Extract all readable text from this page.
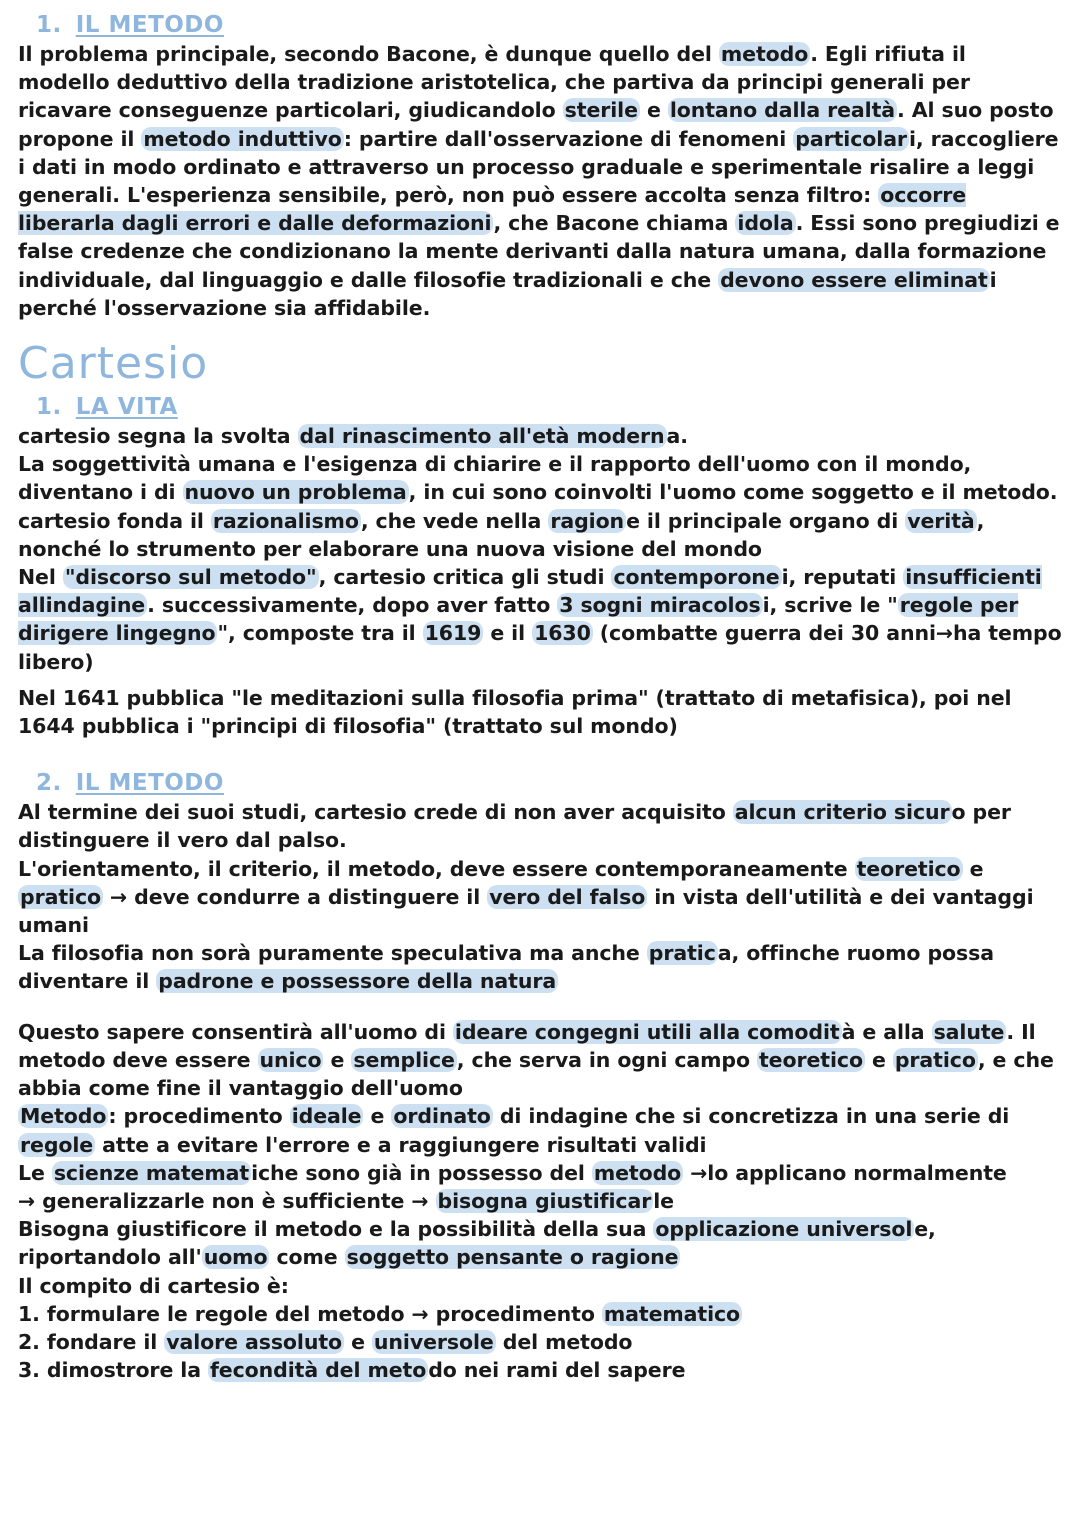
1. IL METODO

Il problema principale, secondo Bacone, è dunque quello del metodo. Egli rifiuta il modello deduttivo della tradizione aristotelica, che partiva da principi generali per ricavare conseguenze particolari, giudicandolo sterile e lontano dalla realtà. Al suo posto propone il metodo induttivo: partire dall'osservazione di fenomeni particolari, raccogliere i dati in modo ordinato e attraverso un processo graduale e sperimentale risalire a leggi generali. L'esperienza sensibile, però, non può essere accolta senza filtro: occorre liberarla dagli errori e dalle deformazioni, che Bacone chiama idola. Essi sono pregiudizi e false credenze che condizionano la mente derivanti dalla natura umana, dalla formazione individuale, dal linguaggio e dalle filosofie tradizionali e che devono essere eliminati perché l'osservazione sia affidabile.

Cartesio
1. LA VITA

cartesio segna la svolta dal rinascimento all'età moderna.

La soggettività umana e l'esigenza di chiarire e il rapporto dell'uomo con il mondo, diventano i di nuovo un problema, in cui sono coinvolti l'uomo come soggetto e il metodo. cartesio fonda il razionalismo, che vede nella ragione il principale organo di verità, nonché lo strumento per elaborare una nuova visione del mondo

Nel "discorso sul metodo", cartesio critica gli studi contemporonei, reputati insufficienti allindagine. successivamente, dopo aver fatto 3 sogni miracolosi, scrive le "regole per dirigere lingegno", composte tra il 1619 e il 1630 (combatte guerra dei 30 anni→ha tempo libero)

Nel 1641 pubblica "le meditazioni sulla filosofia prima" (trattato di metafisica), poi nel 1644 pubblica i "principi di filosofia" (trattato sul mondo)

2. IL METODO

Al termine dei suoi studi, cartesio crede di non aver acquisito alcun criterio sicuro per distinguere il vero dal palso.

L'orientamento, il criterio, il metodo, deve essere contemporaneamente teoretico e pratico → deve condurre a distinguere il vero del falso in vista dell'utilità e dei vantaggi umani

La filosofia non sorà puramente speculativa ma anche pratica, offinche ruomo possa diventare il padrone e possessore della natura

Questo sapere consentirà all'uomo di ideare congegni utili alla comodità e alla salute. Il metodo deve essere unico e semplice, che serva in ogni campo teoretico e pratico, e che abbia come fine il vantaggio dell'uomo

Metodo: procedimento ideale e ordinato di indagine che si concretizza in una serie di regole atte a evitare l'errore e a raggiungere risultati validi

Le scienze matematiche sono già in possesso del metodo →lo applicano normalmente

→ generalizzarle non è sufficiente → bisogna giustificarle

Bisogna giustificore il metodo e la possibilità della sua opplicazione universole, riportandolo all'uomo come soggetto pensante o ragione

Il compito di cartesio è:

1. formulare le regole del metodo → procedimento matematico

2. fondare il valore assoluto e universole del metodo

3. dimostrore la fecondità del metodo nei rami del sapere
